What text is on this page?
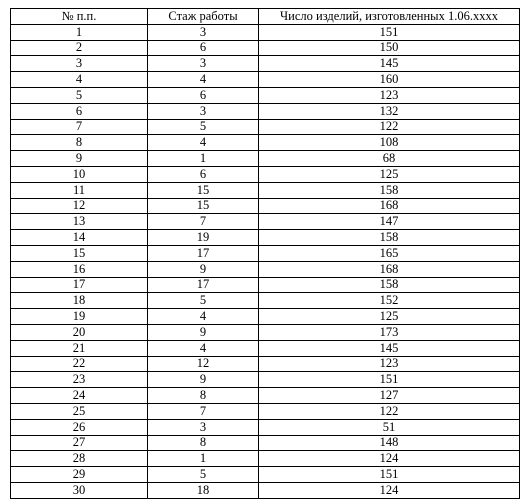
№ п.п.	Стаж работы	Число изделий, изготовленных 1.06.хххх
1	3	151
2	6	150
3	3	145
4	4	160
5	6	123
6	3	132
7	5	122
8	4	108
9	1	68
10	6	125
11	15	158
12	15	168
13	7	147
14	19	158
15	17	165
16	9	168
17	17	158
18	5	152
19	4	125
20	9	173
21	4	145
22	12	123
23	9	151
24	8	127
25	7	122
26	3	51
27	8	148
28	1	124
29	5	151
30	18	124
